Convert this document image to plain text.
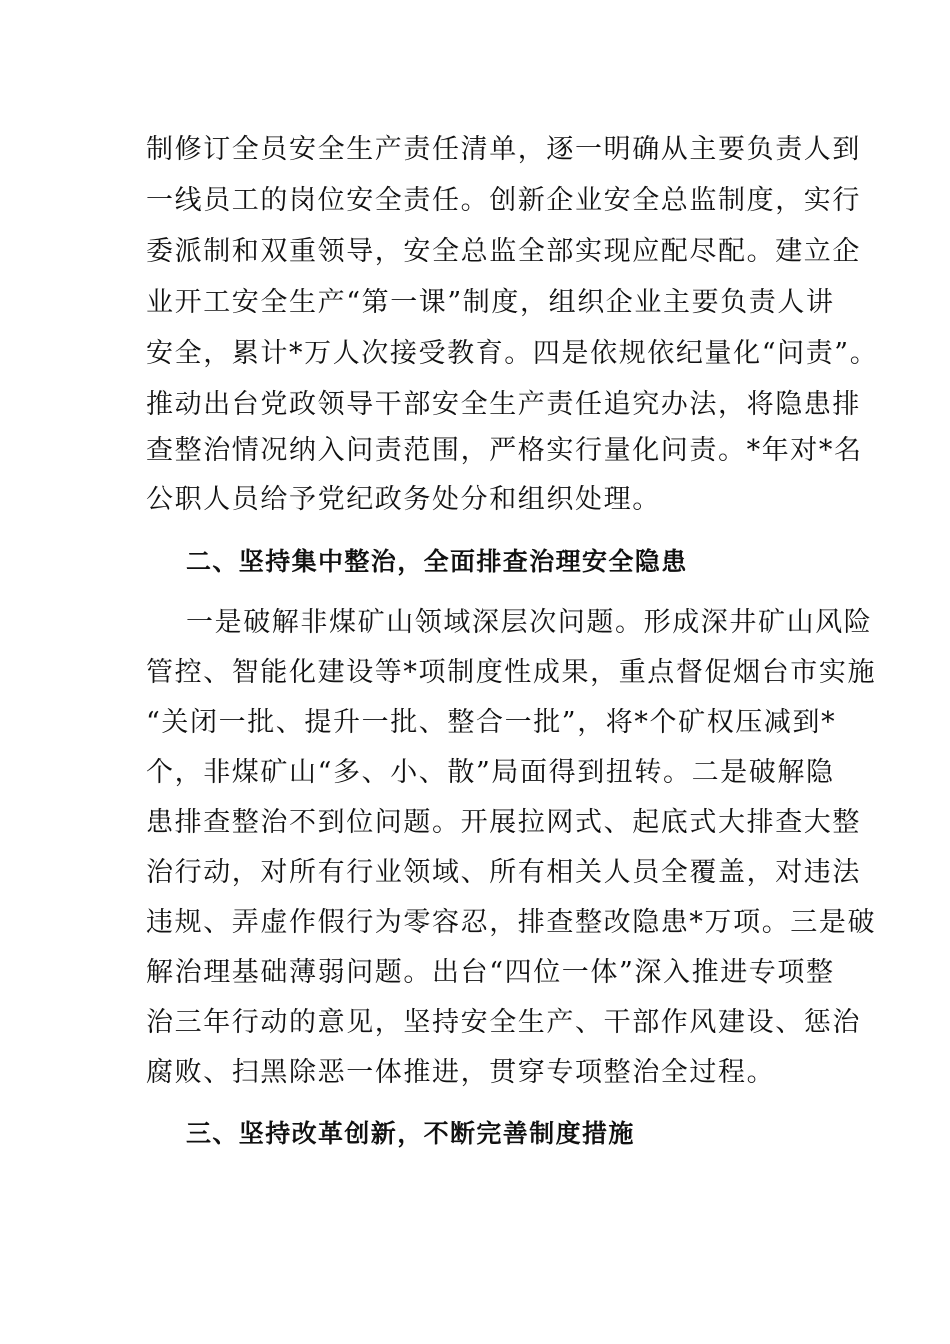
制修订全员安全生产责任清单，逐一明确从主要负责人到
一线员工的岗位安全责任。创新企业安全总监制度，实行
委派制和双重领导，安全总监全部实现应配尽配。建立企
业开工安全生产“第一课”制度，组织企业主要负责人讲
安全，累计*万人次接受教育。四是依规依纪量化“问责”。
推动出台党政领导干部安全生产责任追究办法，将隐患排
查整治情况纳入问责范围，严格实行量化问责。*年对*名
公职人员给予党纪政务处分和组织处理。
二、坚持集中整治，全面排查治理安全隐患
一是破解非煤矿山领域深层次问题。形成深井矿山风险
管控、智能化建设等*项制度性成果，重点督促烟台市实施
“关闭一批、提升一批、整合一批”，将*个矿权压减到*
个，非煤矿山“多、小、散”局面得到扭转。二是破解隐
患排查整治不到位问题。开展拉网式、起底式大排查大整
治行动，对所有行业领域、所有相关人员全覆盖，对违法
违规、弄虚作假行为零容忍，排查整改隐患*万项。三是破
解治理基础薄弱问题。出台“四位一体”深入推进专项整
治三年行动的意见，坚持安全生产、干部作风建设、惩治
腐败、扫黑除恶一体推进，贯穿专项整治全过程。
三、坚持改革创新，不断完善制度措施
